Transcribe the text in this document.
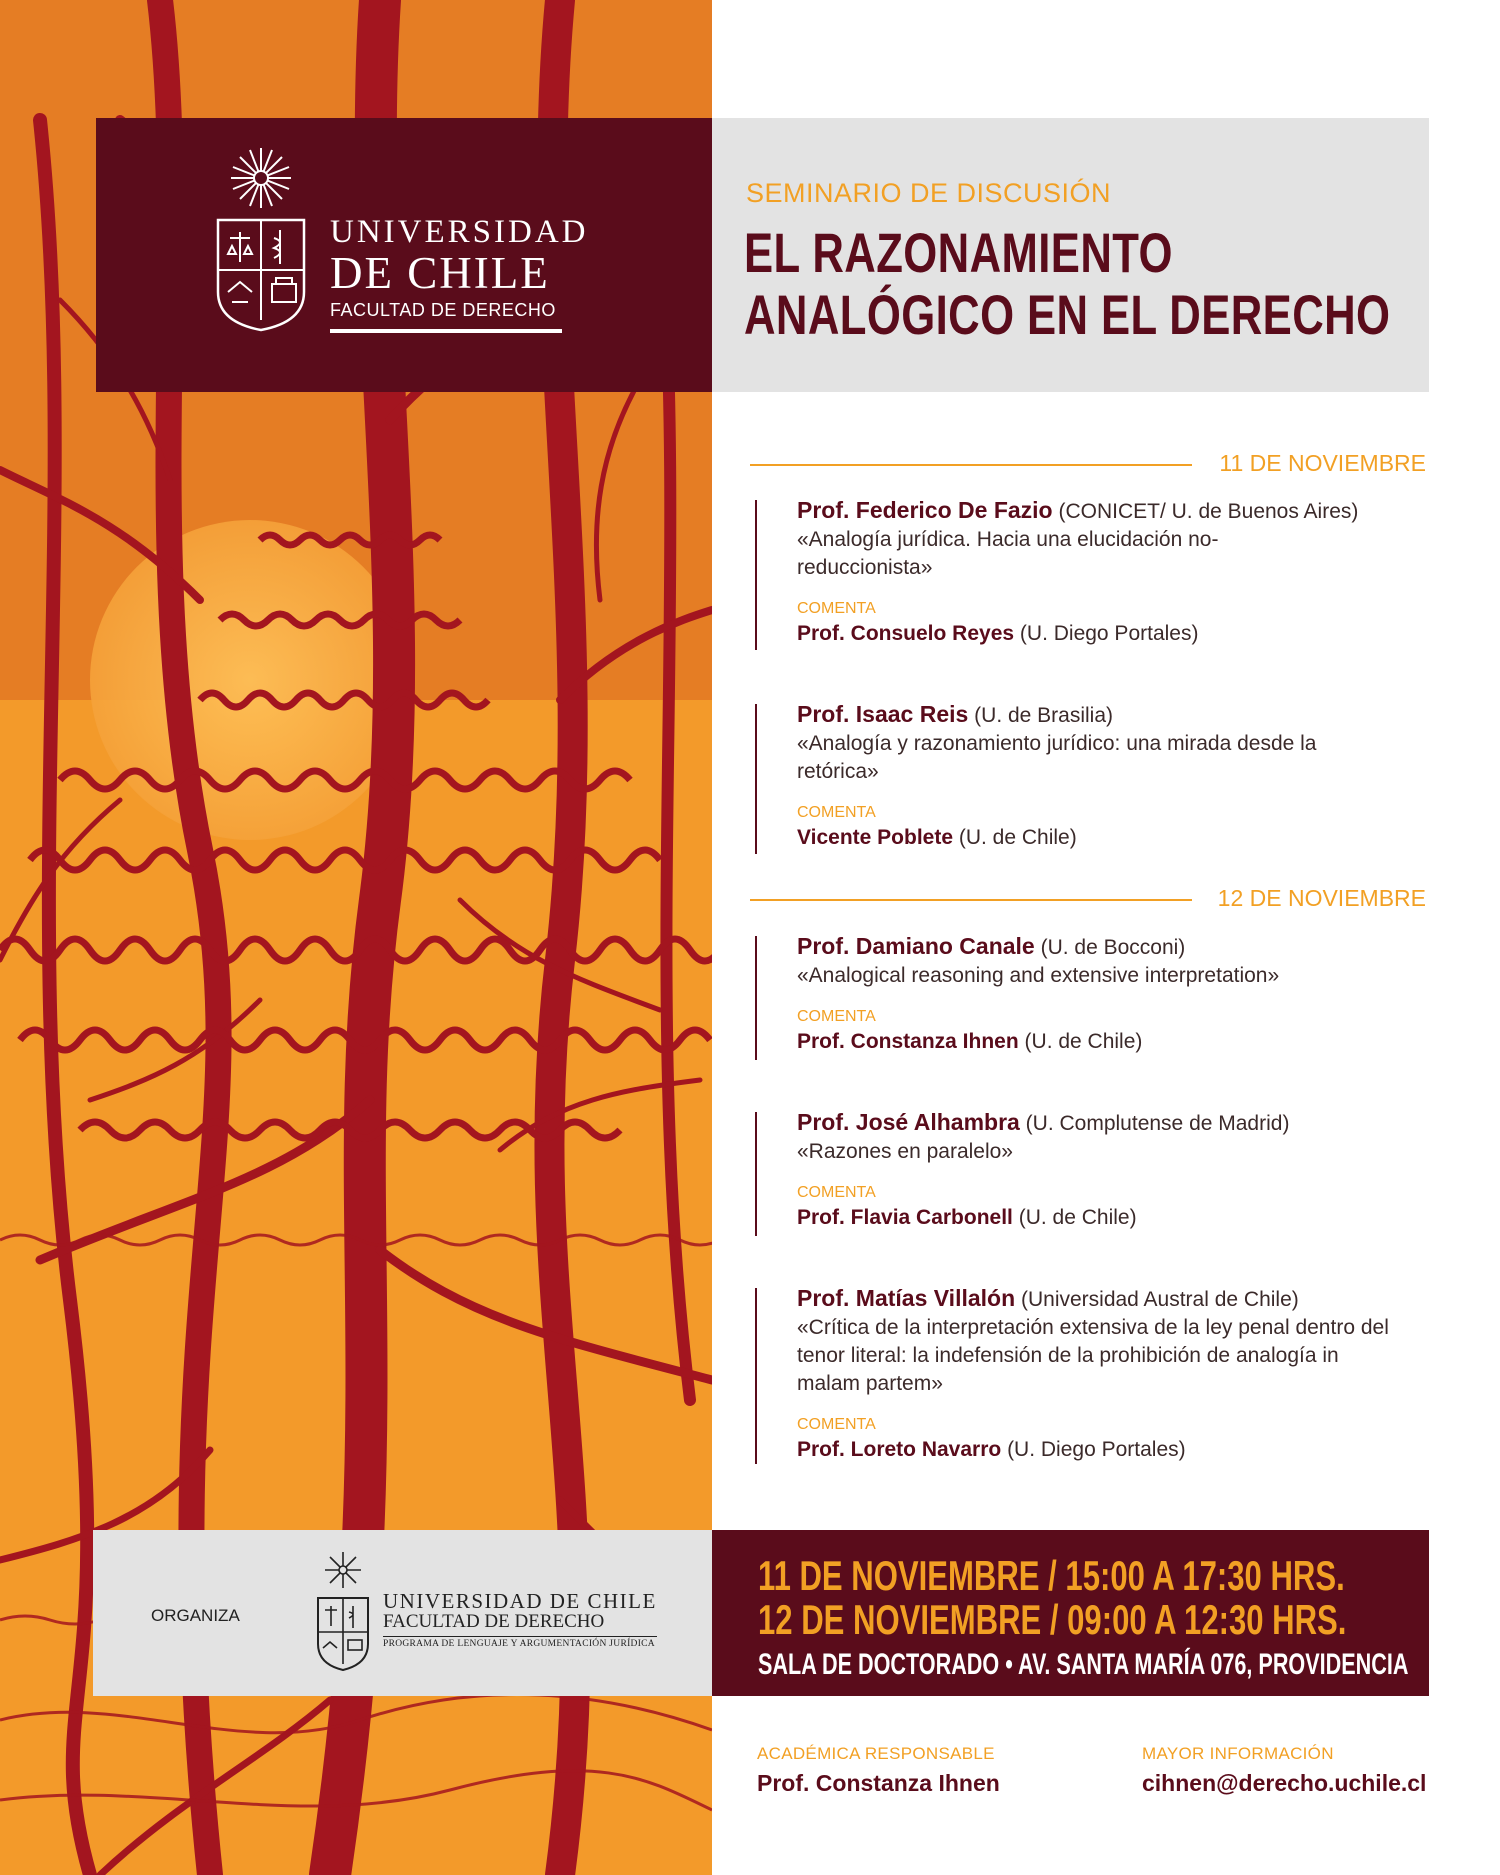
UNIVERSIDAD
DE CHILE
FACULTAD DE DERECHO
SEMINARIO DE DISCUSIÓN
EL RAZONAMIENTO
ANALÓGICO EN EL DERECHO
11 DE NOVIEMBRE
Prof. Federico De Fazio (CONICET/ U. de Buenos Aires)
«Analogía jurídica. Hacia una elucidación no-reduccionista»
COMENTA
Prof. Consuelo Reyes (U. Diego Portales)
Prof. Isaac Reis (U. de Brasilia)
«Analogía y razonamiento jurídico: una mirada desde la retórica»
COMENTA
Vicente Poblete (U. de Chile)
12 DE NOVIEMBRE
Prof. Damiano Canale (U. de Bocconi)
«Analogical reasoning and extensive interpretation»
COMENTA
Prof. Constanza Ihnen (U. de Chile)
Prof. José Alhambra (U. Complutense de Madrid)
«Razones en paralelo»
COMENTA
Prof. Flavia Carbonell (U. de Chile)
Prof. Matías Villalón (Universidad Austral de Chile)
«Crítica de la interpretación extensiva de la ley penal dentro del tenor literal: la indefensión de la prohibición de analogía in malam partem»
COMENTA
Prof. Loreto Navarro (U. Diego Portales)
ORGANIZA
UNIVERSIDAD DE CHILE
FACULTAD DE DERECHO
PROGRAMA DE LENGUAJE Y ARGUMENTACIÓN JURÍDICA
11 DE NOVIEMBRE / 15:00 A 17:30 HRS.
12 DE NOVIEMBRE / 09:00 A 12:30 HRS.
SALA DE DOCTORADO • AV. SANTA MARÍA 076, PROVIDENCIA
ACADÉMICA RESPONSABLE
Prof. Constanza Ihnen
MAYOR INFORMACIÓN
cihnen@derecho.uchile.cl
